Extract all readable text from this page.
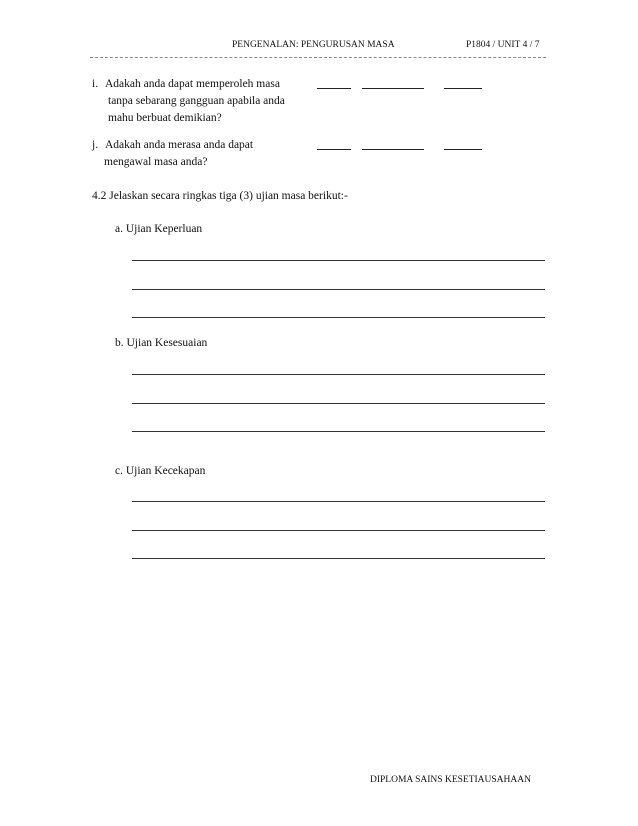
PENGENALAN: PENGURUSAN MASA	P1804 / UNIT 4 / 7
i. Adakah anda dapat memperoleh masa
tanpa sebarang gangguan apabila anda
mahu berbuat demikian?
j. Adakah anda merasa anda dapat
mengawal masa anda?
4.2 Jelaskan secara ringkas tiga (3) ujian masa berikut:-
a. Ujian Keperluan
b. Ujian Kesesuaian
c. Ujian Kecekapan
DIPLOMA SAINS KESETIAUSAHAAN
